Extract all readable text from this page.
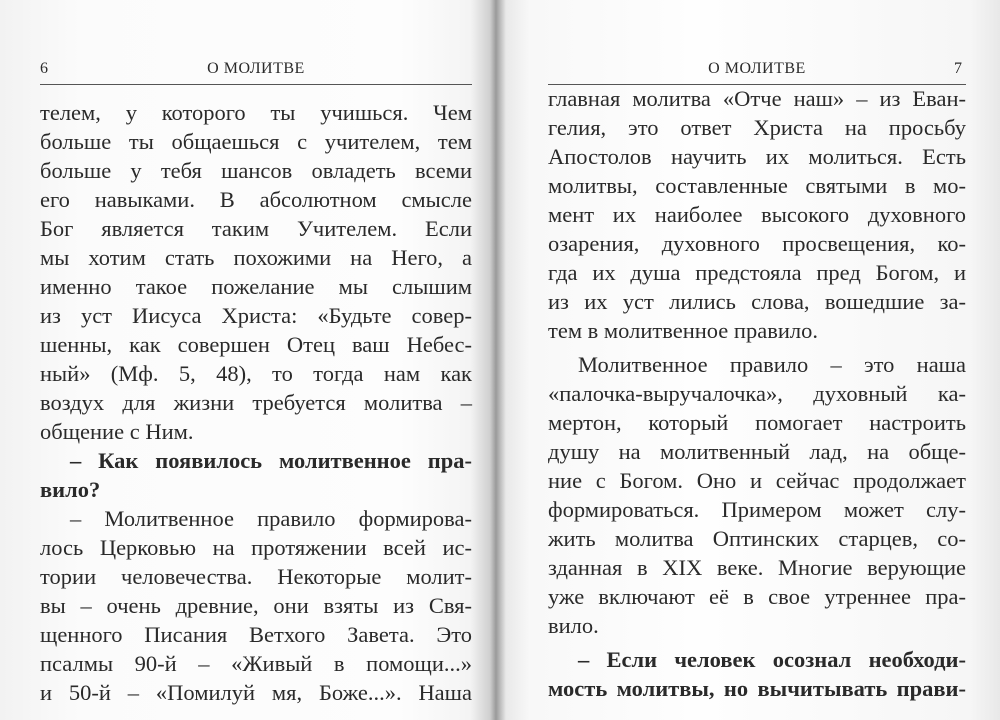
6	О МОЛИТВЕ
телем, у которого ты учишься. Чем
больше ты общаешься с учителем, тем
больше у тебя шансов овладеть всеми
его навыками. В абсолютном смысле
Бог является таким Учителем. Если
мы хотим стать похожими на Него, а
именно такое пожелание мы слышим
из уст Иисуса Христа: «Будьте совер-
шенны, как совершен Отец ваш Небес-
ный» (Мф. 5, 48), то тогда нам как
воздух для жизни требуется молитва –
общение с Ним.
– Как появилось молитвенное пра-
вило?
– Молитвенное правило формирова-
лось Церковью на протяжении всей ис-
тории человечества. Некоторые молит-
вы – очень древние, они взяты из Свя-
щенного Писания Ветхого Завета. Это
псалмы 90-й – «Живый в помощи...»
и 50-й – «Помилуй мя, Боже...». Наша
О МОЛИТВЕ	7
главная молитва «Отче наш» – из Еван-
гелия, это ответ Христа на просьбу
Апостолов научить их молиться. Есть
молитвы, составленные святыми в мо-
мент их наиболее высокого духовного
озарения, духовного просвещения, ко-
гда их душа предстояла пред Богом, и
из их уст лились слова, вошедшие за-
тем в молитвенное правило.
Молитвенное правило – это наша
«палочка-выручалочка», духовный ка-
мертон, который помогает настроить
душу на молитвенный лад, на обще-
ние с Богом. Оно и сейчас продолжает
формироваться. Примером может слу-
жить молитва Оптинских старцев, со-
зданная в XIX веке. Многие верующие
уже включают её в свое утреннее пра-
вило.
– Если человек осознал необходи-
мость молитвы, но вычитывать прави-
